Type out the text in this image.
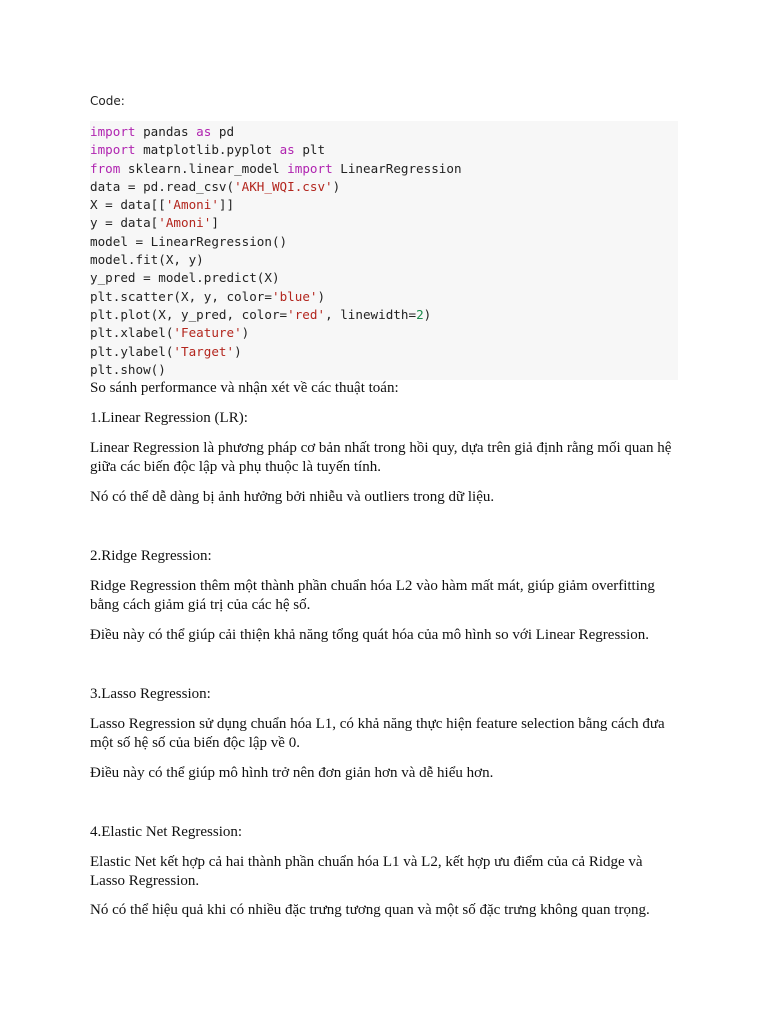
Code:
import pandas as pd
import matplotlib.pyplot as plt
from sklearn.linear_model import LinearRegression
data = pd.read_csv('AKH_WQI.csv')
X = data[['Amoni']]
y = data['Amoni']
model = LinearRegression()
model.fit(X, y)
y_pred = model.predict(X)
plt.scatter(X, y, color='blue')
plt.plot(X, y_pred, color='red', linewidth=2)
plt.xlabel('Feature')
plt.ylabel('Target')
plt.show()
So sánh performance và nhận xét về các thuật toán:
1.Linear Regression (LR):
Linear Regression là phương pháp cơ bản nhất trong hồi quy, dựa trên giả định rằng mối quan hệ giữa các biến độc lập và phụ thuộc là tuyến tính.
Nó có thể dễ dàng bị ảnh hưởng bởi nhiễu và outliers trong dữ liệu.
2.Ridge Regression:
Ridge Regression thêm một thành phần chuẩn hóa L2 vào hàm mất mát, giúp giảm overfitting bằng cách giảm giá trị của các hệ số.
Điều này có thể giúp cải thiện khả năng tổng quát hóa của mô hình so với Linear Regression.
3.Lasso Regression:
Lasso Regression sử dụng chuẩn hóa L1, có khả năng thực hiện feature selection bằng cách đưa một số hệ số của biến độc lập về 0.
Điều này có thể giúp mô hình trở nên đơn giản hơn và dễ hiểu hơn.
4.Elastic Net Regression:
Elastic Net kết hợp cả hai thành phần chuẩn hóa L1 và L2, kết hợp ưu điểm của cả Ridge và Lasso Regression.
Nó có thể hiệu quả khi có nhiều đặc trưng tương quan và một số đặc trưng không quan trọng.
